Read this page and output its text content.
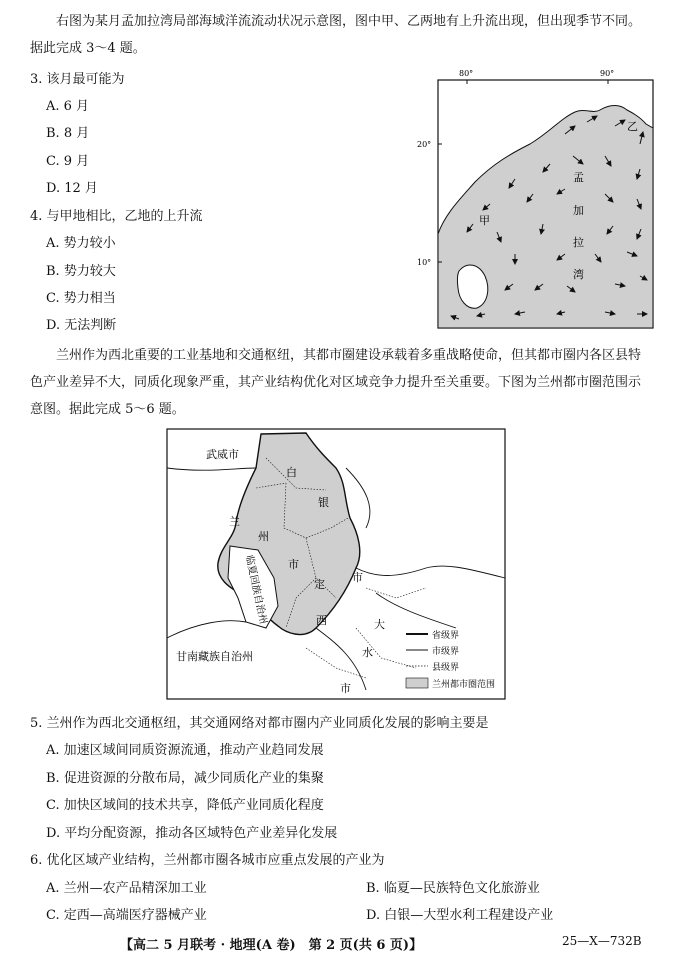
右图为某月孟加拉湾局部海域洋流流动状况示意图，图中甲、乙两地有上升流出现，但出现季节不同。据此完成 3～4 题。
3. 该月最可能为
A. 6 月
B. 8 月
C. 9 月
D. 12 月
4. 与甲地相比，乙地的上升流
A. 势力较小
B. 势力较大
C. 势力相当
D. 无法判断
80°	90°
20°
10°
乙
孟
加
拉
湾
甲
兰州作为西北重要的工业基地和交通枢纽，其都市圈建设承载着多重战略使命，但其都市圈内各区县特色产业差异不大，同质化现象严重，其产业结构优化对区域竞争力提升至关重要。下图为兰州都市圈范围示意图。据此完成 5～6 题。
武威市
白
银
兰
州
市
定
西
临夏回族自治州
甘南藏族自治州
市
大
水
市
省级界
市级界
县级界
兰州都市圈范围
5. 兰州作为西北交通枢纽，其交通网络对都市圈内产业同质化发展的影响主要是
A. 加速区域间同质资源流通，推动产业趋同发展
B. 促进资源的分散布局，减少同质化产业的集聚
C. 加快区域间的技术共享，降低产业同质化程度
D. 平均分配资源，推动各区域特色产业差异化发展
6. 优化区域产业结构，兰州都市圈各城市应重点发展的产业为
A. 兰州—农产品精深加工业	B. 临夏—民族特色文化旅游业
C. 定西—高端医疗器械产业	D. 白银—大型水利工程建设产业
【高二 5 月联考 · 地理(A 卷)　第 2 页(共 6 页)】	25—X—732B
